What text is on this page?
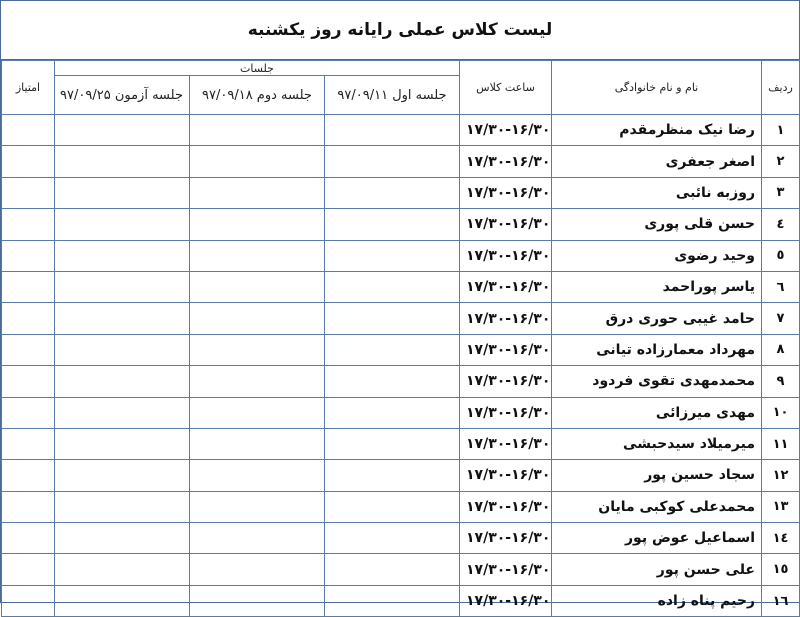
لیست کلاس عملی رایانه روز یکشنبه
ردیف	نام و نام خانوادگی	ساعت کلاس	جلسات			امتیاز
			جلسه اول ۹۷/۰۹/۱۱	جلسه دوم ۹۷/۰۹/۱۸	جلسه آزمون ۹۷/۰۹/۲۵	
۱	رضا نیک منظرمقدم	۱۷/۳۰-۱۶/۳۰				
۲	اصغر جعفری	۱۷/۳۰-۱۶/۳۰				
۳	روزبه نائبی	۱۷/۳۰-۱۶/۳۰				
٤	حسن قلی پوری	۱۷/۳۰-۱۶/۳۰				
٥	وحید رضوی	۱۷/۳۰-۱۶/۳۰				
٦	یاسر پوراحمد	۱۷/۳۰-۱۶/۳۰				
۷	حامد غیبی حوری درق	۱۷/۳۰-۱۶/۳۰				
۸	مهرداد معمارزاده تیانی	۱۷/۳۰-۱۶/۳۰				
۹	محمدمهدی تقوی فردود	۱۷/۳۰-۱۶/۳۰				
۱۰	مهدی میرزائی	۱۷/۳۰-۱۶/۳۰				
۱۱	میرمیلاد سیدحبشی	۱۷/۳۰-۱۶/۳۰				
۱۲	سجاد حسین پور	۱۷/۳۰-۱۶/۳۰				
۱۳	محمدعلی کوکبی مایان	۱۷/۳۰-۱۶/۳۰				
١٤	اسماعیل عوض پور	۱۷/۳۰-۱۶/۳۰				
١٥	علی حسن پور	۱۷/۳۰-۱۶/۳۰				
١٦	رحیم پناه زاده	۱۷/۳۰-۱۶/۳۰				
